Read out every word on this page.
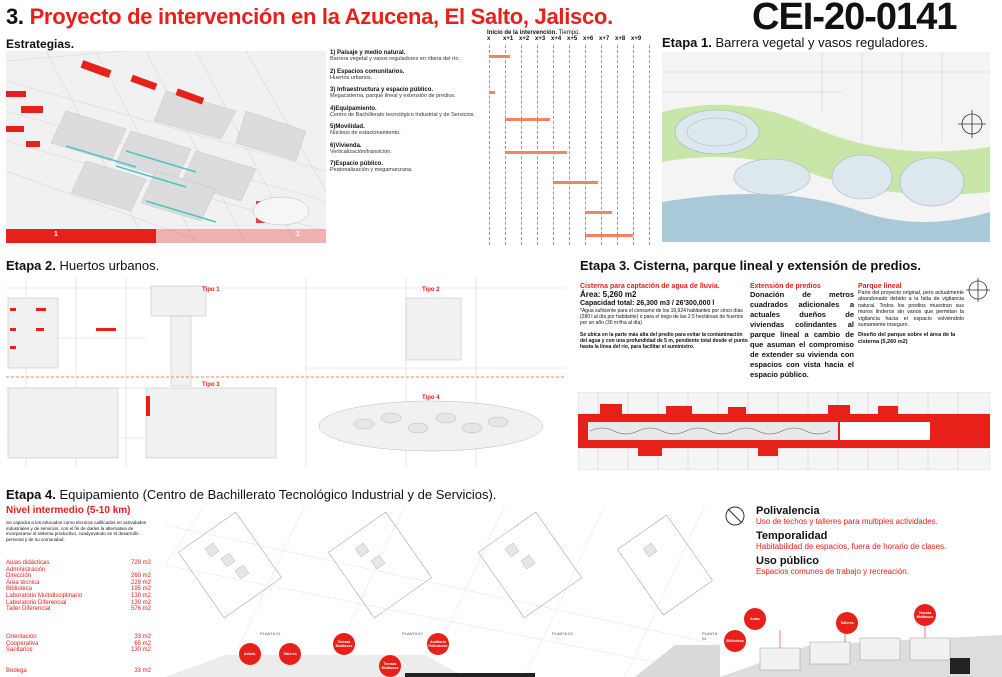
3. Proyecto de intervención en la Azucena, El Salto, Jalisco.	CEI-20-0141
Estrategias.
1	1
1) Paisaje y medio natural.
Barrera vegetal y vasos reguladores en ribera del río.
2) Espacios comunitarios.
Huertos urbanos.
3) Infraestructura y espacio público.
Megacisterna, parque lineal y extensión de predios.
4)Equipamiento.
Centro de Bachillerato tecnológico Industrial y de Servicios.
5)Movilidad.
Núcleos de estacionamiento.
6)Vivienda.
Verticalización/transición.
7)Espacio público.
Peatonalización y megamanzana.
Inicio de la intervención. Tiempo.
x x+1 x+2 x+3 x+4 x+5 x+6 x+7 x+8 x+9 Etapa 1. Barrera vegetal y vasos reguladores.
Etapa 2. Huertos urbanos.
Tipo 1	Tipo 2
Tipo 3
Tipo 4
Etapa 3. Cisterna, parque lineal y extensión de predios.
Cisterna para captación de agua de lluvia.

Área: 5,260 m2

Capacidad total: 26,300 m3 / 26'300,000 l

*Agua suficiente para el consumo de los 16,924 habitantes por cinco días (280 l al día por habitante) o para el riego de las 2.5 hectáreas de huertos por un año (30 m³/ha al día)

Se ubica en la parte más alta del predio para evitar la contaminación del agua y con una profundidad de 5 m, pendiente total desde el punto hasta la línea del río, para facilitar el suministro.

Extensión de predios

Donación de metros cuadrados adicionales a actuales dueños de viviendas colindantes al parque lineal a cambio de que asuman el compromiso de extender su vivienda con espacios con vista hacia el espacio público.

Parque lineal

Parte del proyecto original, pero actualmente abandonado debido a la falta de vigilancia natural. Todos los predios muestran sus muros linderos sin vanos que permitan la vigilancia hacia el espacio volviéndolo sumamente inseguro.

Diseño del parque sobre el área de la cisterna (5,260 m2)

Etapa 4. Equipamiento (Centro de Bachillerato Tecnológico Industrial y de Servicios).
Nivel intermedio (5-10 km)
Se capacita a los educados como técnicos calificados en actividades industriales y de servicios, con el fin de darles la alternativa de incorporarse al sistema productivo, coadyuvando en el desarrollo personal y de su comunidad.
Aulas didácticas	729 m2
Administración
Dirección	260 m2
Área técnica	229 m2
Biblioteca	195 m2
Laboratorio Multidisciplinario	130 m2
Laboratorio Diferencial	130 m2
Taller Diferencial	576 m2
Orientación	33 m2
Cooperativa	65 m2
Sanitarios	130 m2
Bodega	33 m2
PLANTA 01	PLANTA 02	PLANTA 03	PLANTA 04
Admin.	Talleres
Terraza Multiusos
Auditorio Polivalente
Terraza Multiusos
Polivalencia
Uso de techos y talleres para multiples actividades.
Temporalidad
Habitabilidad de espacios, fuera de horario de clases.
Uso público
Espacios comunes de trabajo y recreación.
Aulas
Talleres
Terraza Multiusos
Biblioteca
